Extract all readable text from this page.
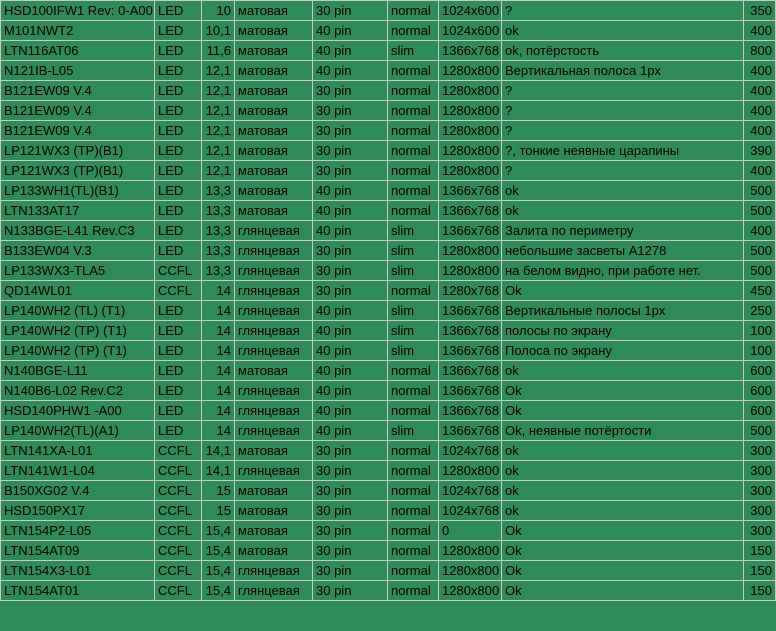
HSD100IFW1 Rev: 0-A00	LED	10	матовая	30 pin	normal	1024x600	?	350
M101NWT2	LED	10,1	матовая	40 pin	normal	1024x600	ok	400
LTN116AT06	LED	11,6	матовая	40 pin	slim	1366x768	ok, потёрстость	800
N121IB-L05	LED	12,1	матовая	40 pin	normal	1280x800	Вертикальная полоса 1px	400
B121EW09 V.4	LED	12,1	матовая	30 pin	normal	1280x800	?	400
B121EW09 V.4	LED	12,1	матовая	30 pin	normal	1280x800	?	400
B121EW09 V.4	LED	12,1	матовая	30 pin	normal	1280x800	?	400
LP121WX3 (TP)(B1)	LED	12,1	матовая	30 pin	normal	1280x800	?, тонкие неявные царапины	390
LP121WX3 (TP)(B1)	LED	12,1	матовая	30 pin	normal	1280x800	?	400
LP133WH1(TL)(B1)	LED	13,3	матовая	40 pin	normal	1366x768	ok	500
LTN133AT17	LED	13,3	матовая	40 pin	normal	1366x768	ok	500
N133BGE-L41 Rev.C3	LED	13,3	глянцевая	40 pin	slim	1366x768	Залита по периметру	400
B133EW04 V.3	LED	13,3	глянцевая	30 pin	slim	1280x800	небольшие засветы А1278	500
LP133WX3-TLA5	CCFL	13,3	глянцевая	30 pin	slim	1280x800	на белом видно, при работе нет.	500
QD14WL01	CCFL	14	глянцевая	30 pin	normal	1280x768	Ok	450
LP140WH2 (TL) (T1)	LED	14	глянцевая	40 pin	slim	1366x768	Вертикальные полосы 1px	250
LP140WH2 (TP) (T1)	LED	14	глянцевая	40 pin	slim	1366x768	полосы по экрану	100
LP140WH2 (TP) (T1)	LED	14	глянцевая	40 pin	slim	1366x768	Полоса по экрану	100
N140BGE-L11	LED	14	матовая	40 pin	normal	1366x768	ok	600
N140B6-L02 Rev.C2	LED	14	глянцевая	40 pin	normal	1366x768	Ok	600
HSD140PHW1 -A00	LED	14	глянцевая	40 pin	normal	1366x768	Ok	600
LP140WH2(TL)(A1)	LED	14	глянцевая	40 pin	slim	1366x768	Ok, неявные потёртости	500
LTN141XA-L01	CCFL	14,1	матовая	30 pin	normal	1024x768	ok	300
LTN141W1-L04	CCFL	14,1	глянцевая	30 pin	normal	1280x800	ok	300
B150XG02 V.4	CCFL	15	матовая	30 pin	normal	1024x768	ok	300
HSD150PX17	CCFL	15	матовая	30 pin	normal	1024x768	ok	300
LTN154P2-L05	CCFL	15,4	матовая	30 pin	normal	0	Ok	300
LTN154AT09	CCFL	15,4	матовая	30 pin	normal	1280x800	Ok	150
LTN154X3-L01	CCFL	15,4	глянцевая	30 pin	normal	1280x800	Ok	150
LTN154AT01	CCFL	15,4	глянцевая	30 pin	normal	1280x800	Ok	150
